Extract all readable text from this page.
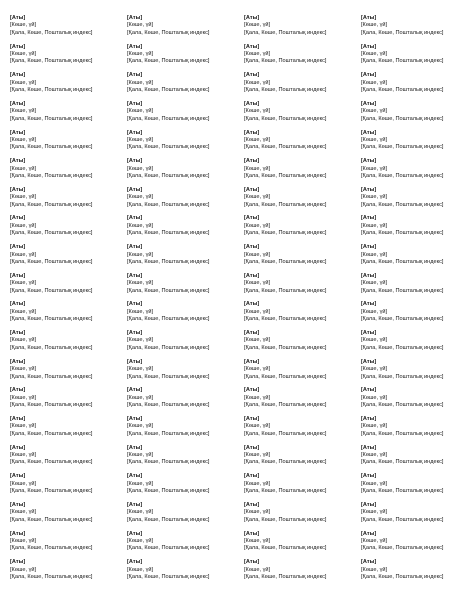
[Аты]
[Көше, үй]
[Қала, Көше, Пошталық индекс]
[Аты]
[Көше, үй]
[Қала, Көше, Пошталық индекс]
[Аты]
[Көше, үй]
[Қала, Көше, Пошталық индекс]
[Аты]
[Көше, үй]
[Қала, Көше, Пошталық индекс]
[Аты]
[Көше, үй]
[Қала, Көше, Пошталық индекс]
[Аты]
[Көше, үй]
[Қала, Көше, Пошталық индекс]
[Аты]
[Көше, үй]
[Қала, Көше, Пошталық индекс]
[Аты]
[Көше, үй]
[Қала, Көше, Пошталық индекс]
[Аты]
[Көше, үй]
[Қала, Көше, Пошталық индекс]
[Аты]
[Көше, үй]
[Қала, Көше, Пошталық индекс]
[Аты]
[Көше, үй]
[Қала, Көше, Пошталық индекс]
[Аты]
[Көше, үй]
[Қала, Көше, Пошталық индекс]
[Аты]
[Көше, үй]
[Қала, Көше, Пошталық индекс]
[Аты]
[Көше, үй]
[Қала, Көше, Пошталық индекс]
[Аты]
[Көше, үй]
[Қала, Көше, Пошталық индекс]
[Аты]
[Көше, үй]
[Қала, Көше, Пошталық индекс]
[Аты]
[Көше, үй]
[Қала, Көше, Пошталық индекс]
[Аты]
[Көше, үй]
[Қала, Көше, Пошталық индекс]
[Аты]
[Көше, үй]
[Қала, Көше, Пошталық индекс]
[Аты]
[Көше, үй]
[Қала, Көше, Пошталық индекс]
[Аты]
[Көше, үй]
[Қала, Көше, Пошталық индекс]
[Аты]
[Көше, үй]
[Қала, Көше, Пошталық индекс]
[Аты]
[Көше, үй]
[Қала, Көше, Пошталық индекс]
[Аты]
[Көше, үй]
[Қала, Көше, Пошталық индекс]
[Аты]
[Көше, үй]
[Қала, Көше, Пошталық индекс]
[Аты]
[Көше, үй]
[Қала, Көше, Пошталық индекс]
[Аты]
[Көше, үй]
[Қала, Көше, Пошталық индекс]
[Аты]
[Көше, үй]
[Қала, Көше, Пошталық индекс]
[Аты]
[Көше, үй]
[Қала, Көше, Пошталық индекс]
[Аты]
[Көше, үй]
[Қала, Көше, Пошталық индекс]
[Аты]
[Көше, үй]
[Қала, Көше, Пошталық индекс]
[Аты]
[Көше, үй]
[Қала, Көше, Пошталық индекс]
[Аты]
[Көше, үй]
[Қала, Көше, Пошталық индекс]
[Аты]
[Көше, үй]
[Қала, Көше, Пошталық индекс]
[Аты]
[Көше, үй]
[Қала, Көше, Пошталық индекс]
[Аты]
[Көше, үй]
[Қала, Көше, Пошталық индекс]
[Аты]
[Көше, үй]
[Қала, Көше, Пошталық индекс]
[Аты]
[Көше, үй]
[Қала, Көше, Пошталық индекс]
[Аты]
[Көше, үй]
[Қала, Көше, Пошталық индекс]
[Аты]
[Көше, үй]
[Қала, Көше, Пошталық индекс]
[Аты]
[Көше, үй]
[Қала, Көше, Пошталық индекс]
[Аты]
[Көше, үй]
[Қала, Көше, Пошталық индекс]
[Аты]
[Көше, үй]
[Қала, Көше, Пошталық индекс]
[Аты]
[Көше, үй]
[Қала, Көше, Пошталық индекс]
[Аты]
[Көше, үй]
[Қала, Көше, Пошталық индекс]
[Аты]
[Көше, үй]
[Қала, Көше, Пошталық индекс]
[Аты]
[Көше, үй]
[Қала, Көше, Пошталық индекс]
[Аты]
[Көше, үй]
[Қала, Көше, Пошталық индекс]
[Аты]
[Көше, үй]
[Қала, Көше, Пошталық индекс]
[Аты]
[Көше, үй]
[Қала, Көше, Пошталық индекс]
[Аты]
[Көше, үй]
[Қала, Көше, Пошталық индекс]
[Аты]
[Көше, үй]
[Қала, Көше, Пошталық индекс]
[Аты]
[Көше, үй]
[Қала, Көше, Пошталық индекс]
[Аты]
[Көше, үй]
[Қала, Көше, Пошталық индекс]
[Аты]
[Көше, үй]
[Қала, Көше, Пошталық индекс]
[Аты]
[Көше, үй]
[Қала, Көше, Пошталық индекс]
[Аты]
[Көше, үй]
[Қала, Көше, Пошталық индекс]
[Аты]
[Көше, үй]
[Қала, Көше, Пошталық индекс]
[Аты]
[Көше, үй]
[Қала, Көше, Пошталық индекс]
[Аты]
[Көше, үй]
[Қала, Көше, Пошталық индекс]
[Аты]
[Көше, үй]
[Қала, Көше, Пошталық индекс]
[Аты]
[Көше, үй]
[Қала, Көше, Пошталық индекс]
[Аты]
[Көше, үй]
[Қала, Көше, Пошталық индекс]
[Аты]
[Көше, үй]
[Қала, Көше, Пошталық индекс]
[Аты]
[Көше, үй]
[Қала, Көше, Пошталық индекс]
[Аты]
[Көше, үй]
[Қала, Көше, Пошталық индекс]
[Аты]
[Көше, үй]
[Қала, Көше, Пошталық индекс]
[Аты]
[Көше, үй]
[Қала, Көше, Пошталық индекс]
[Аты]
[Көше, үй]
[Қала, Көше, Пошталық индекс]
[Аты]
[Көше, үй]
[Қала, Көше, Пошталық индекс]
[Аты]
[Көше, үй]
[Қала, Көше, Пошталық индекс]
[Аты]
[Көше, үй]
[Қала, Көше, Пошталық индекс]
[Аты]
[Көше, үй]
[Қала, Көше, Пошталық индекс]
[Аты]
[Көше, үй]
[Қала, Көше, Пошталық индекс]
[Аты]
[Көше, үй]
[Қала, Көше, Пошталық индекс]
[Аты]
[Көше, үй]
[Қала, Көше, Пошталық индекс]
[Аты]
[Көше, үй]
[Қала, Көше, Пошталық индекс]
[Аты]
[Көше, үй]
[Қала, Көше, Пошталық индекс]
[Аты]
[Көше, үй]
[Қала, Көше, Пошталық индекс]
[Аты]
[Көше, үй]
[Қала, Көше, Пошталық индекс]
